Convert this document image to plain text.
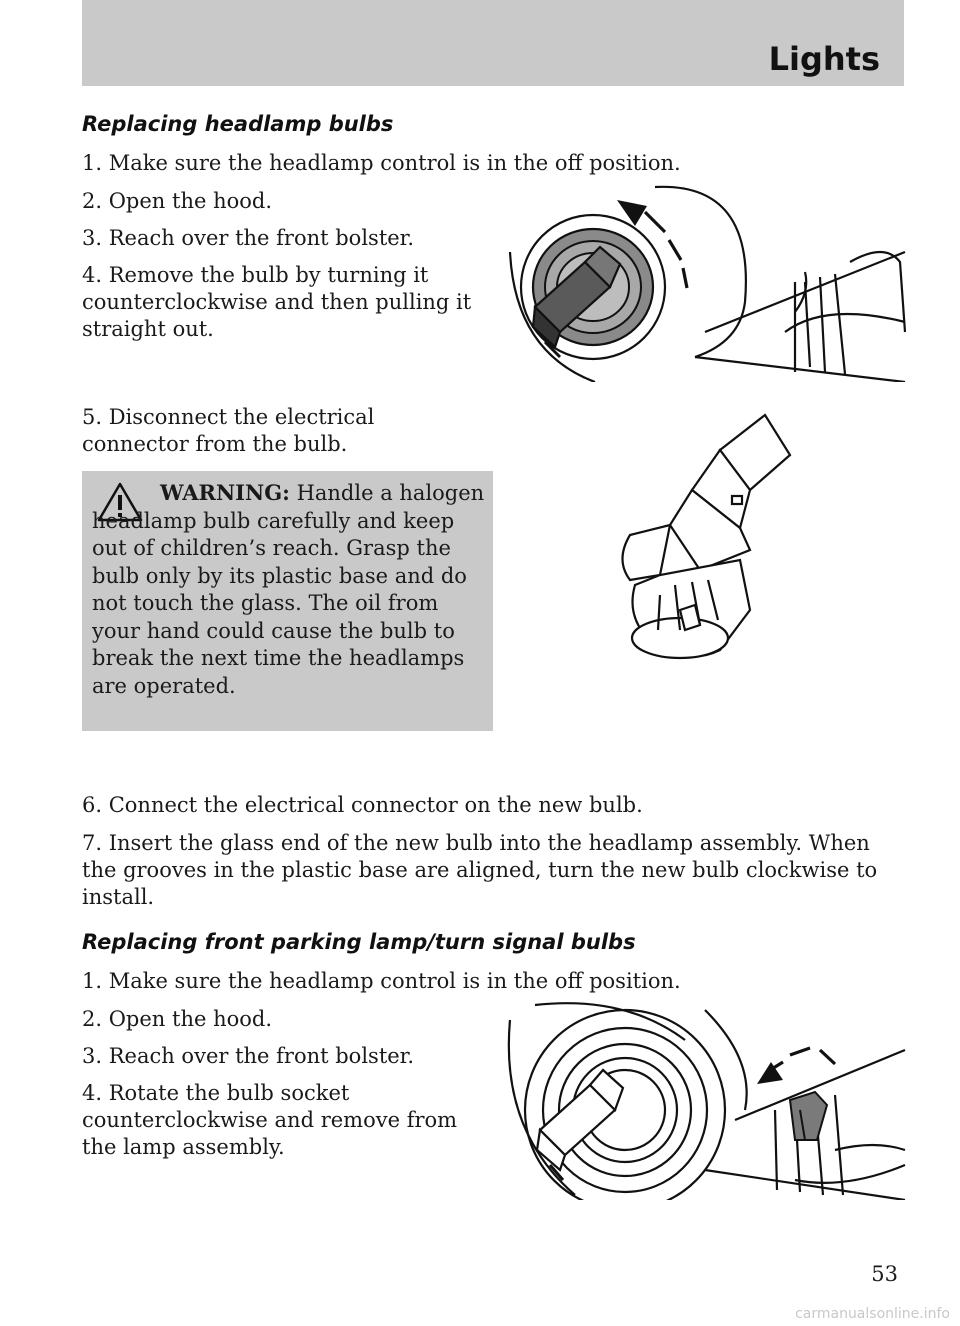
Lights
Replacing headlamp bulbs

1. Make sure the headlamp control is in the off position.

2. Open the hood.

3. Reach over the front bolster.

4. Remove the bulb by turning it counterclockwise and then pulling it straight out.

5. Disconnect the electrical connector from the bulb.

WARNING: Handle a halogen headlamp bulb carefully and keep out of children’s reach. Grasp the bulb only by its plastic base and do not touch the glass. The oil from your hand could cause the bulb to break the next time the headlamps are operated.

6. Connect the electrical connector on the new bulb.

7. Insert the glass end of the new bulb into the headlamp assembly. When the grooves in the plastic base are aligned, turn the new bulb clockwise to install.

Replacing front parking lamp/turn signal bulbs

1. Make sure the headlamp control is in the off position.

2. Open the hood.

3. Reach over the front bolster.

4. Rotate the bulb socket counterclockwise and remove from the lamp assembly.

53
carmanualsonline.info
